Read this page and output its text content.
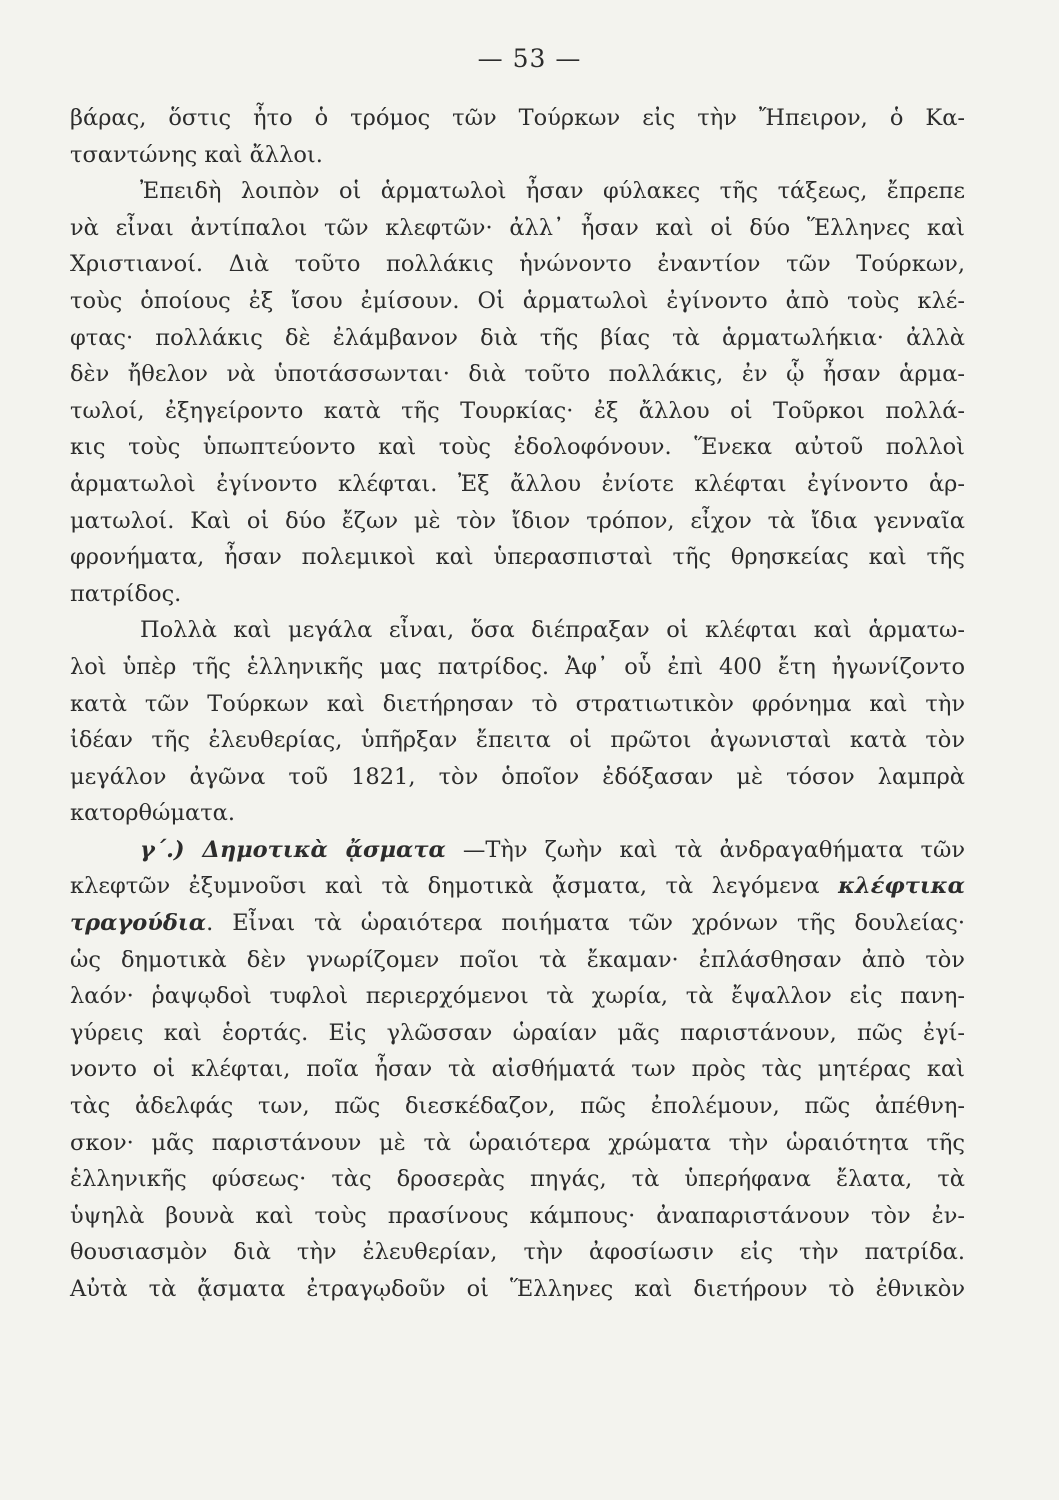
— 53 —
βάρας, ὅστις ἦτο ὁ τρόμος τῶν Τούρκων εἰς τὴν Ἤπειρον, ὁ Κα-
τσαντώνης καὶ ἄλλοι.
Ἐπειδὴ λοιπὸν οἱ ἁρματωλοὶ ἦσαν φύλακες τῆς τάξεως, ἔπρεπε
νὰ εἶναι ἀντίπαλοι τῶν κλεφτῶν· ἀλλ᾽ ἦσαν καὶ οἱ δύο Ἕλληνες καὶ
Χριστιανοί. Διὰ τοῦτο πολλάκις ἡνώνοντο ἐναντίον τῶν Τούρκων,
τοὺς ὁποίους ἐξ ἴσου ἐμίσουν. Οἱ ἁρματωλοὶ ἐγίνοντο ἀπὸ τοὺς κλέ-
φτας· πολλάκις δὲ ἐλάμβανον διὰ τῆς βίας τὰ ἁρματωλήκια· ἀλλὰ
δὲν ἤθελον νὰ ὑποτάσσωνται· διὰ τοῦτο πολλάκις, ἐν ᾧ ἦσαν ἁρμα-
τωλοί, ἐξηγείροντο κατὰ τῆς Τουρκίας· ἐξ ἄλλου οἱ Τοῦρκοι πολλά-
κις τοὺς ὑπωπτεύοντο καὶ τοὺς ἐδολοφόνουν. Ἕνεκα αὐτοῦ πολλοὶ
ἁρματωλοὶ ἐγίνοντο κλέφται. Ἐξ ἄλλου ἐνίοτε κλέφται ἐγίνοντο ἁρ-
ματωλοί. Καὶ οἱ δύο ἔζων μὲ τὸν ἴδιον τρόπον, εἶχον τὰ ἴδια γενναῖα
φρονήματα, ἦσαν πολεμικοὶ καὶ ὑπερασπισταὶ τῆς θρησκείας καὶ τῆς
πατρίδος.
Πολλὰ καὶ μεγάλα εἶναι, ὅσα διέπραξαν οἱ κλέφται καὶ ἁρματω-
λοὶ ὑπὲρ τῆς ἑλληνικῆς μας πατρίδος. Ἀφ᾽ οὗ ἐπὶ 400 ἔτη ἠγωνίζοντο
κατὰ τῶν Τούρκων καὶ διετήρησαν τὸ στρατιωτικὸν φρόνημα καὶ τὴν
ἰδέαν τῆς ἐλευθερίας, ὑπῆρξαν ἔπειτα οἱ πρῶτοι ἀγωνισταὶ κατὰ τὸν
μεγάλον ἀγῶνα τοῦ 1821, τὸν ὁποῖον ἐδόξασαν μὲ τόσον λαμπρὰ
κατορθώματα.
γ΄.) Δημοτικὰ ᾄσματα —Τὴν ζωὴν καὶ τὰ ἀνδραγαθήματα τῶν
κλεφτῶν ἐξυμνοῦσι καὶ τὰ δημοτικὰ ᾄσματα, τὰ λεγόμενα κλέφτικα
τραγούδια. Εἶναι τὰ ὡραιότερα ποιήματα τῶν χρόνων τῆς δουλείας·
ὡς δημοτικὰ δὲν γνωρίζομεν ποῖοι τὰ ἔκαμαν· ἐπλάσθησαν ἀπὸ τὸν
λαόν· ῥαψῳδοὶ τυφλοὶ περιερχόμενοι τὰ χωρία, τὰ ἔψαλλον εἰς πανη-
γύρεις καὶ ἑορτάς. Εἰς γλῶσσαν ὡραίαν μᾶς παριστάνουν, πῶς ἐγί-
νοντο οἱ κλέφται, ποῖα ἦσαν τὰ αἰσθήματά των πρὸς τὰς μητέρας καὶ
τὰς ἀδελφάς των, πῶς διεσκέδαζον, πῶς ἐπολέμουν, πῶς ἀπέθνη-
σκον· μᾶς παριστάνουν μὲ τὰ ὡραιότερα χρώματα τὴν ὡραιότητα τῆς
ἑλληνικῆς φύσεως· τὰς δροσερὰς πηγάς, τὰ ὑπερήφανα ἔλατα, τὰ
ὑψηλὰ βουνὰ καὶ τοὺς πρασίνους κάμπους· ἀναπαριστάνουν τὸν ἐν-
θουσιασμὸν διὰ τὴν ἐλευθερίαν, τὴν ἀφοσίωσιν εἰς τὴν πατρίδα.
Αὐτὰ τὰ ᾄσματα ἐτραγῳδοῦν οἱ Ἕλληνες καὶ διετήρουν τὸ ἐθνικὸν
